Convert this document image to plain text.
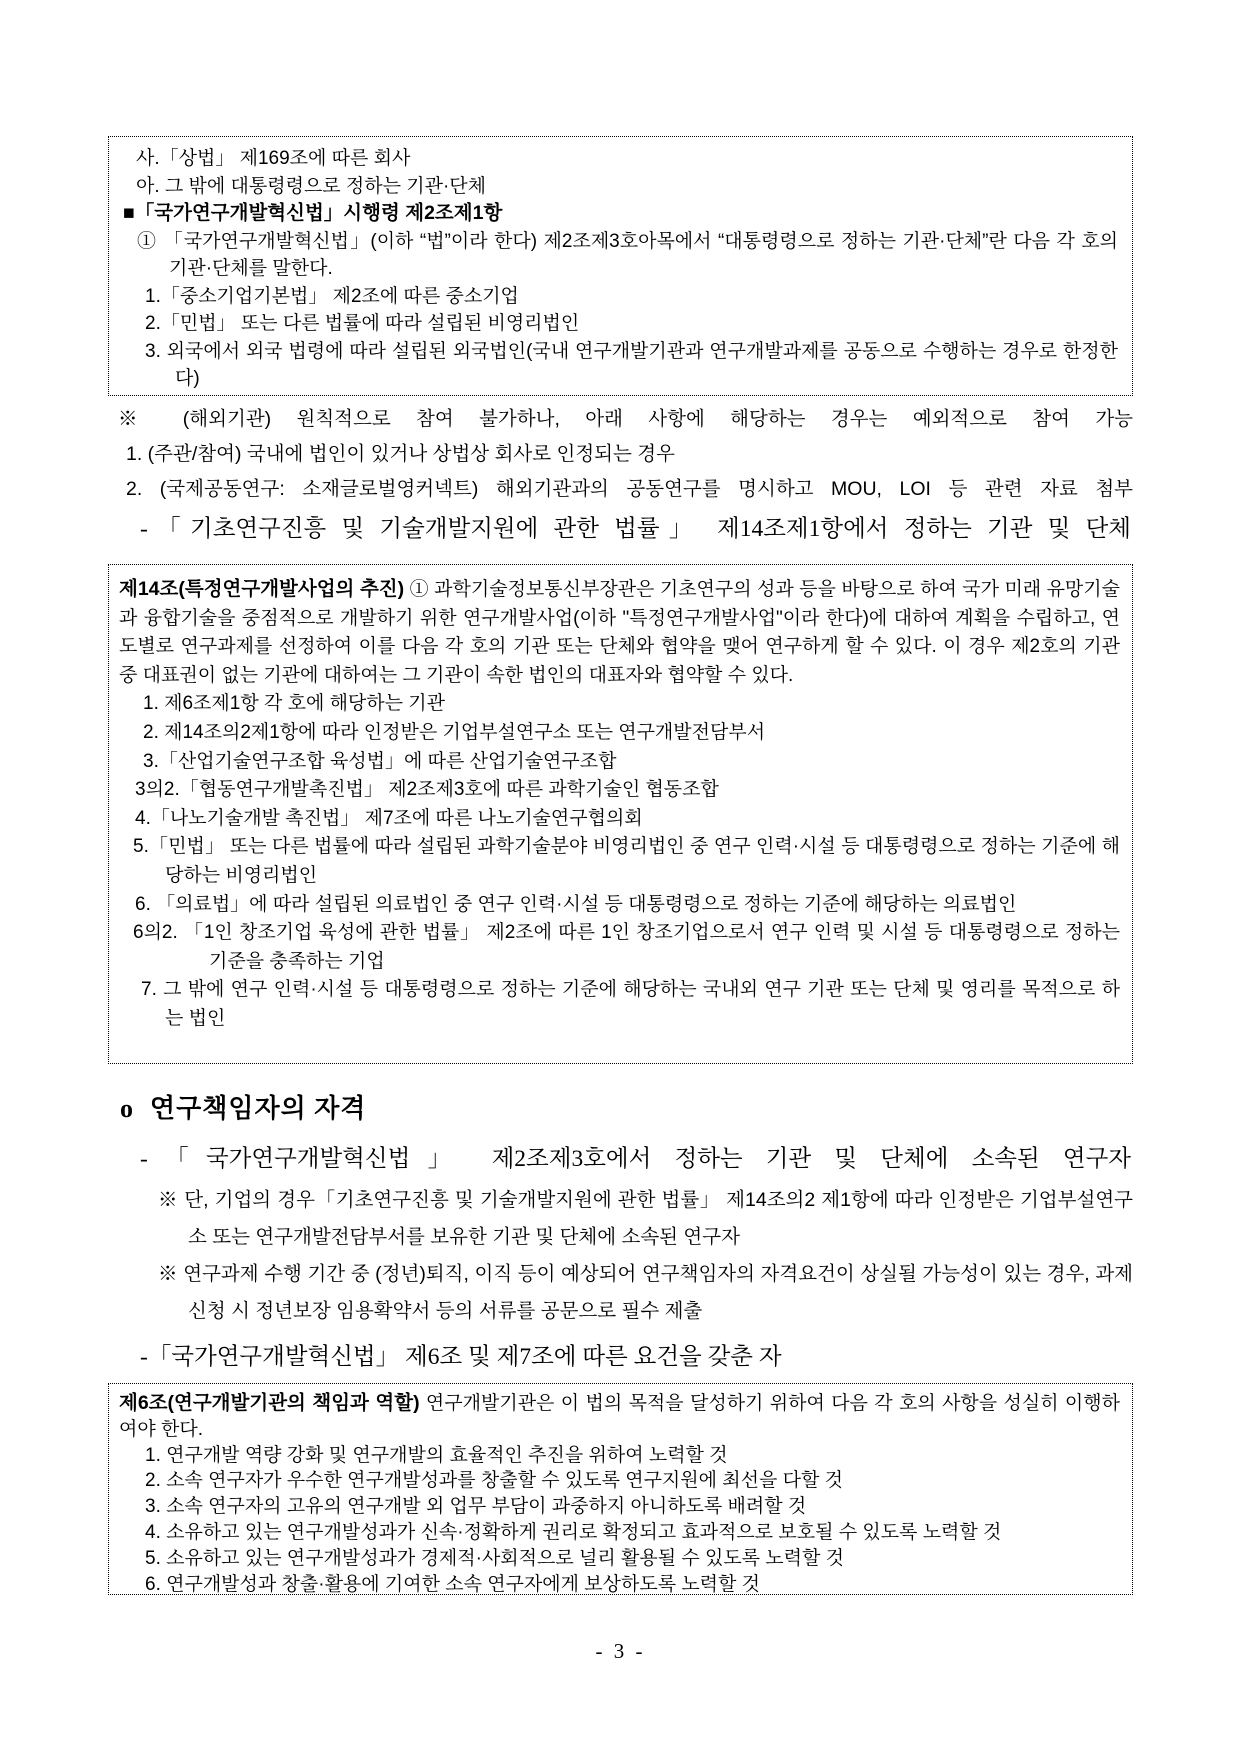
사.「상법」 제169조에 따른 회사
아. 그 밖에 대통령령으로 정하는 기관·단체
■「국가연구개발혁신법」시행령 제2조제1항
① 「국가연구개발혁신법」(이하 “법”이라 한다) 제2조제3호아목에서 “대통령령으로 정하는 기관·단체”란 다음 각 호의 기관·단체를 말한다.
1.「중소기업기본법」 제2조에 따른 중소기업
2.「민법」 또는 다른 법률에 따라 설립된 비영리법인
3. 외국에서 외국 법령에 따라 설립된 외국법인(국내 연구개발기관과 연구개발과제를 공동으로 수행하는 경우로 한정한다)
※ (해외기관) 원칙적으로 참여 불가하나, 아래 사항에 해당하는 경우는 예외적으로 참여 가능
1. (주관/참여) 국내에 법인이 있거나 상법상 회사로 인정되는 경우
2. (국제공동연구: 소재글로벌영커넥트) 해외기관과의 공동연구를 명시하고 MOU, LOI 등 관련 자료 첨부
-「기초연구진흥 및 기술개발지원에 관한 법률」 제14조제1항에서 정하는 기관 및 단체
제14조(특정연구개발사업의 추진) ① 과학기술정보통신부장관은 기초연구의 성과 등을 바탕으로 하여 국가 미래 유망기술과 융합기술을 중점적으로 개발하기 위한 연구개발사업(이하 "특정연구개발사업"이라 한다)에 대하여 계획을 수립하고, 연도별로 연구과제를 선정하여 이를 다음 각 호의 기관 또는 단체와 협약을 맺어 연구하게 할 수 있다. 이 경우 제2호의 기관 중 대표권이 없는 기관에 대하여는 그 기관이 속한 법인의 대표자와 협약할 수 있다.
1. 제6조제1항 각 호에 해당하는 기관
2. 제14조의2제1항에 따라 인정받은 기업부설연구소 또는 연구개발전담부서
3.「산업기술연구조합 육성법」에 따른 산업기술연구조합
3의2.「협동연구개발촉진법」 제2조제3호에 따른 과학기술인 협동조합
4.「나노기술개발 촉진법」 제7조에 따른 나노기술연구협의회
5.「민법」 또는 다른 법률에 따라 설립된 과학기술분야 비영리법인 중 연구 인력·시설 등 대통령령으로 정하는 기준에 해당하는 비영리법인
6. 「의료법」에 따라 설립된 의료법인 중 연구 인력·시설 등 대통령령으로 정하는 기준에 해당하는 의료법인
6의2. 「1인 창조기업 육성에 관한 법률」 제2조에 따른 1인 창조기업으로서 연구 인력 및 시설 등 대통령령으로 정하는 기준을 충족하는 기업
7. 그 밖에 연구 인력·시설 등 대통령령으로 정하는 기준에 해당하는 국내외 연구 기관 또는 단체 및 영리를 목적으로 하는 법인
o 연구책임자의 자격
-「국가연구개발혁신법」 제2조제3호에서 정하는 기관 및 단체에 소속된 연구자
※ 단, 기업의 경우「기초연구진흥 및 기술개발지원에 관한 법률」 제14조의2 제1항에 따라 인정받은 기업부설연구소 또는 연구개발전담부서를 보유한 기관 및 단체에 소속된 연구자
※ 연구과제 수행 기간 중 (정년)퇴직, 이직 등이 예상되어 연구책임자의 자격요건이 상실될 가능성이 있는 경우, 과제 신청 시 정년보장 임용확약서 등의 서류를 공문으로 필수 제출
-「국가연구개발혁신법」 제6조 및 제7조에 따른 요건을 갖춘 자
제6조(연구개발기관의 책임과 역할) 연구개발기관은 이 법의 목적을 달성하기 위하여 다음 각 호의 사항을 성실히 이행하여야 한다.
1. 연구개발 역량 강화 및 연구개발의 효율적인 추진을 위하여 노력할 것
2. 소속 연구자가 우수한 연구개발성과를 창출할 수 있도록 연구지원에 최선을 다할 것
3. 소속 연구자의 고유의 연구개발 외 업무 부담이 과중하지 아니하도록 배려할 것
4. 소유하고 있는 연구개발성과가 신속·정확하게 권리로 확정되고 효과적으로 보호될 수 있도록 노력할 것
5. 소유하고 있는 연구개발성과가 경제적·사회적으로 널리 활용될 수 있도록 노력할 것
6. 연구개발성과 창출·활용에 기여한 소속 연구자에게 보상하도록 노력할 것
- 3 -
